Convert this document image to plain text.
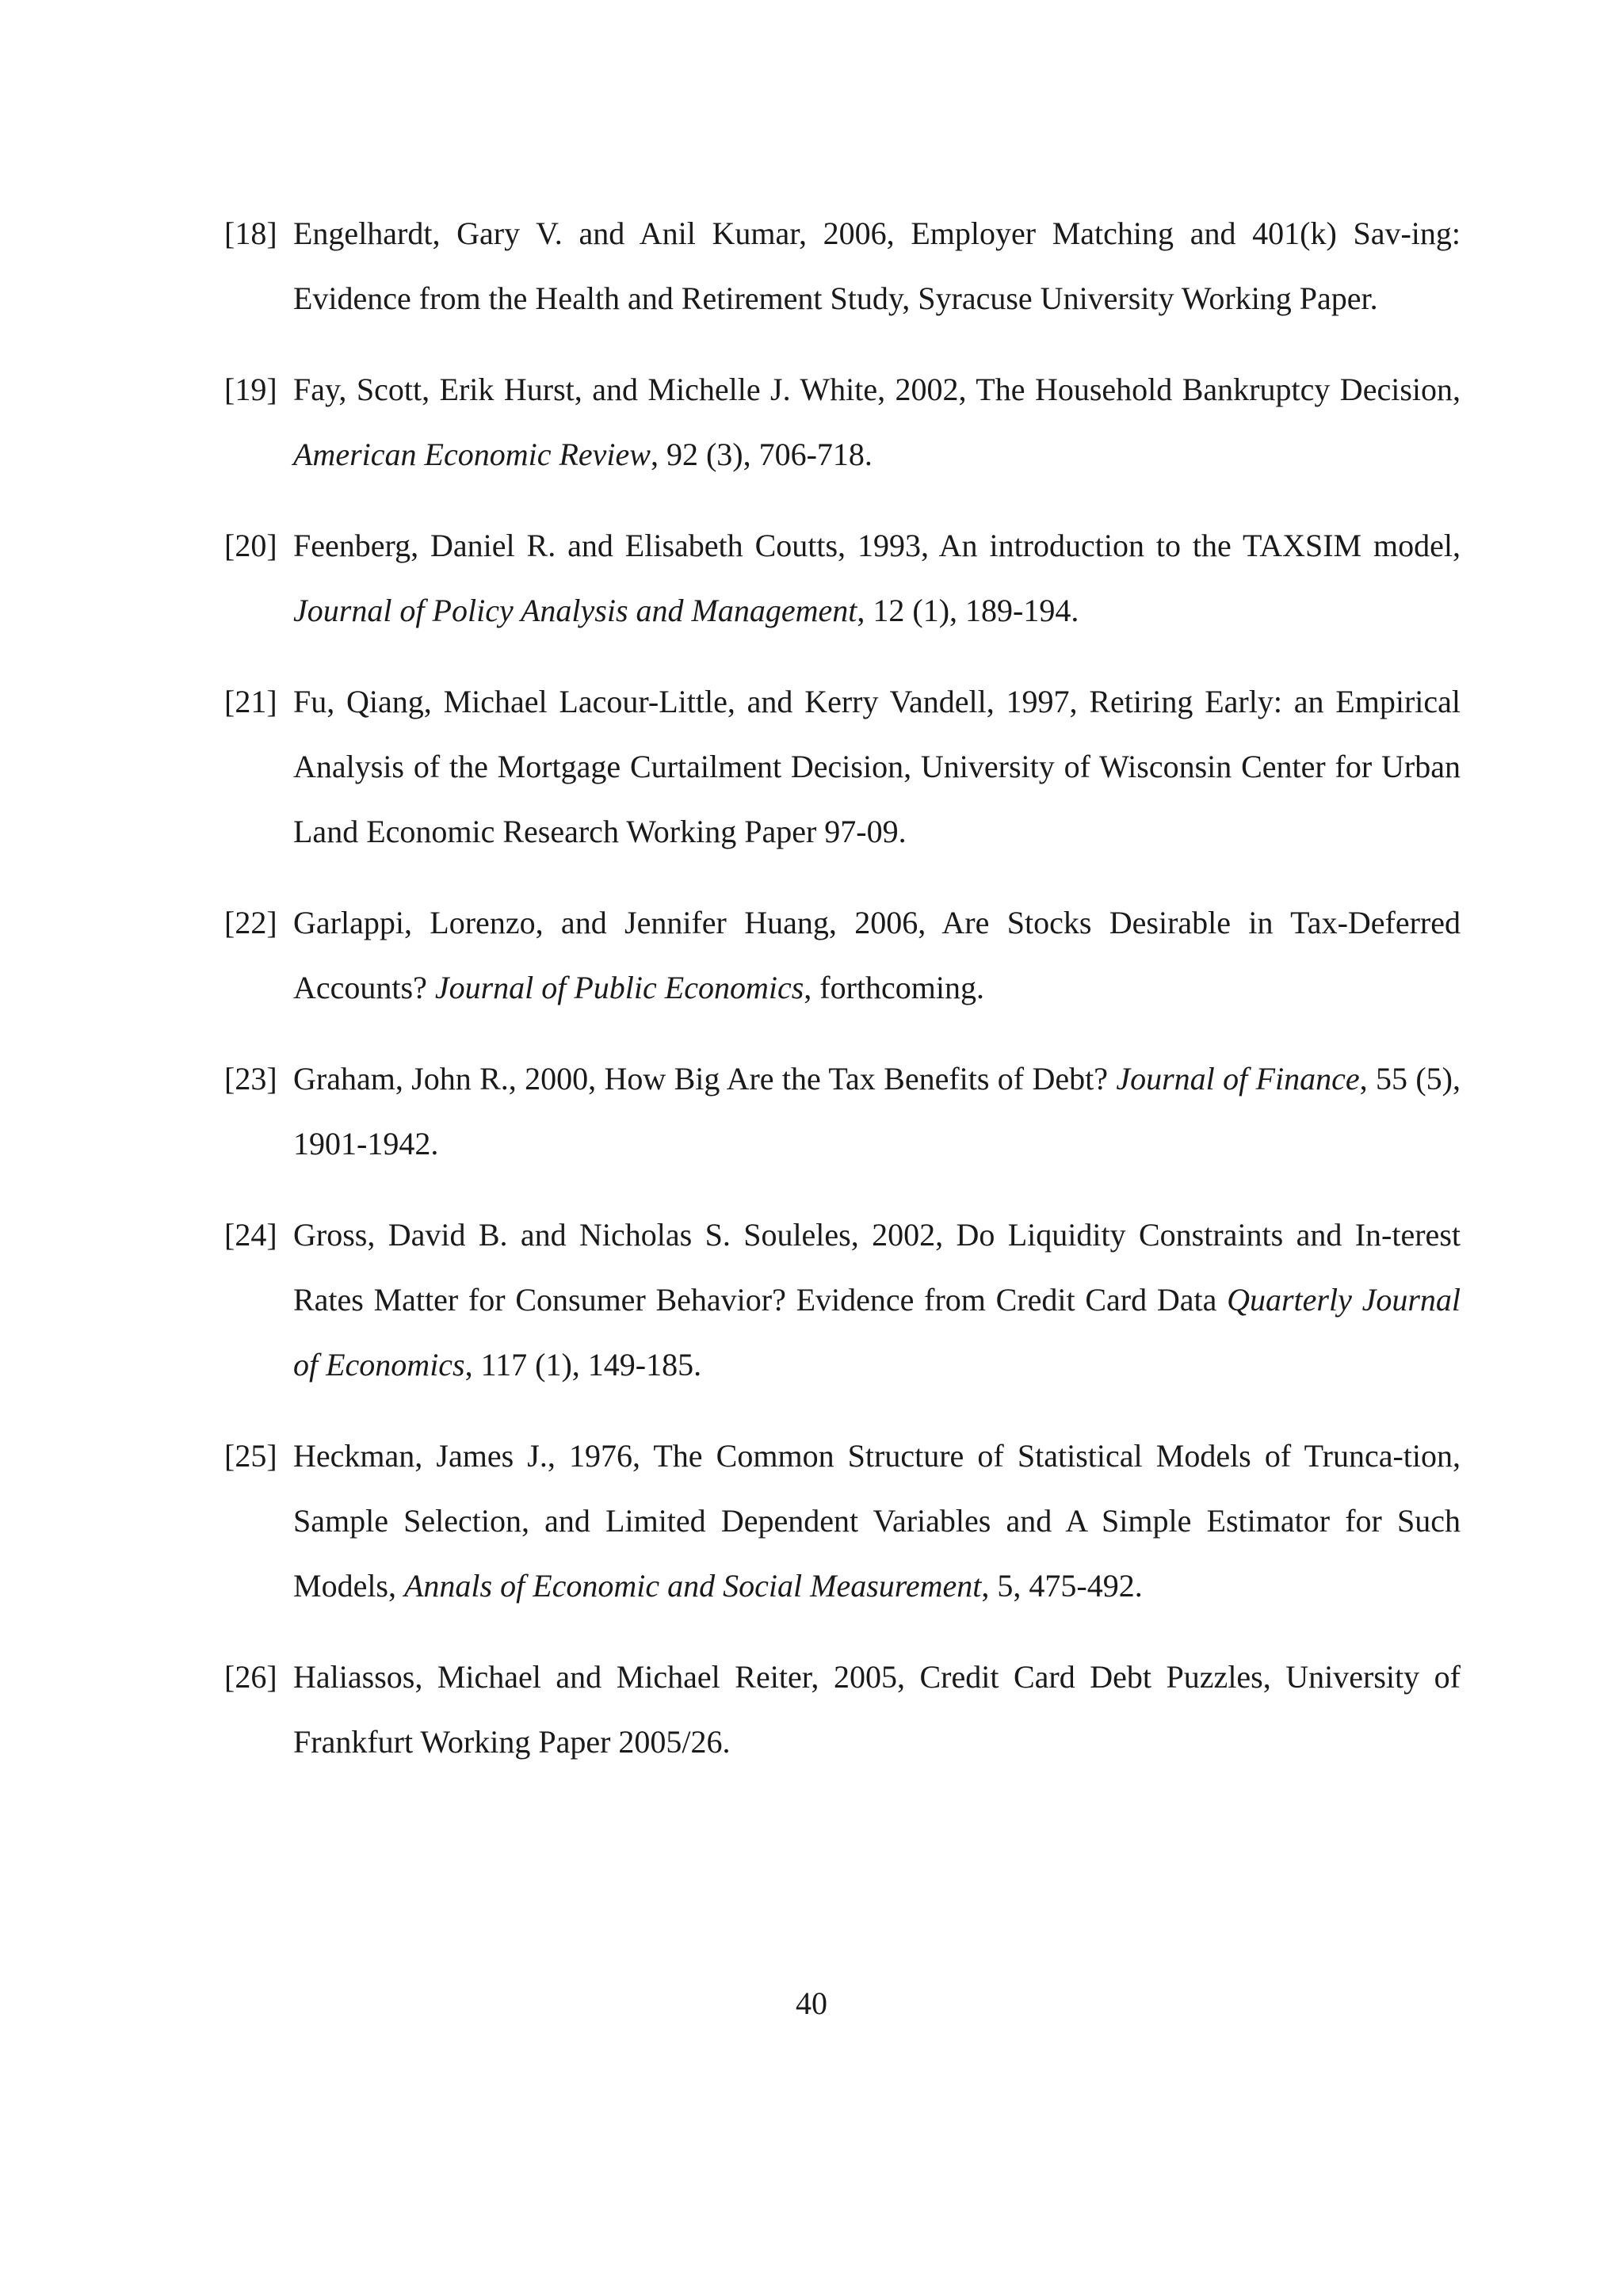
[18] Engelhardt, Gary V. and Anil Kumar, 2006, Employer Matching and 401(k) Sav-ing: Evidence from the Health and Retirement Study, Syracuse University Working Paper.
[19] Fay, Scott, Erik Hurst, and Michelle J. White, 2002, The Household Bankruptcy Decision, American Economic Review, 92 (3), 706-718.
[20] Feenberg, Daniel R. and Elisabeth Coutts, 1993, An introduction to the TAXSIM model, Journal of Policy Analysis and Management, 12 (1), 189-194.
[21] Fu, Qiang, Michael Lacour-Little, and Kerry Vandell, 1997, Retiring Early: an Empirical Analysis of the Mortgage Curtailment Decision, University of Wisconsin Center for Urban Land Economic Research Working Paper 97-09.
[22] Garlappi, Lorenzo, and Jennifer Huang, 2006, Are Stocks Desirable in Tax-Deferred Accounts? Journal of Public Economics, forthcoming.
[23] Graham, John R., 2000, How Big Are the Tax Benefits of Debt? Journal of Finance, 55 (5), 1901-1942.
[24] Gross, David B. and Nicholas S. Souleles, 2002, Do Liquidity Constraints and In-terest Rates Matter for Consumer Behavior? Evidence from Credit Card Data Quarterly Journal of Economics, 117 (1), 149-185.
[25] Heckman, James J., 1976, The Common Structure of Statistical Models of Trunca-tion, Sample Selection, and Limited Dependent Variables and A Simple Estimator for Such Models, Annals of Economic and Social Measurement, 5, 475-492.
[26] Haliassos, Michael and Michael Reiter, 2005, Credit Card Debt Puzzles, University of Frankfurt Working Paper 2005/26.
40
